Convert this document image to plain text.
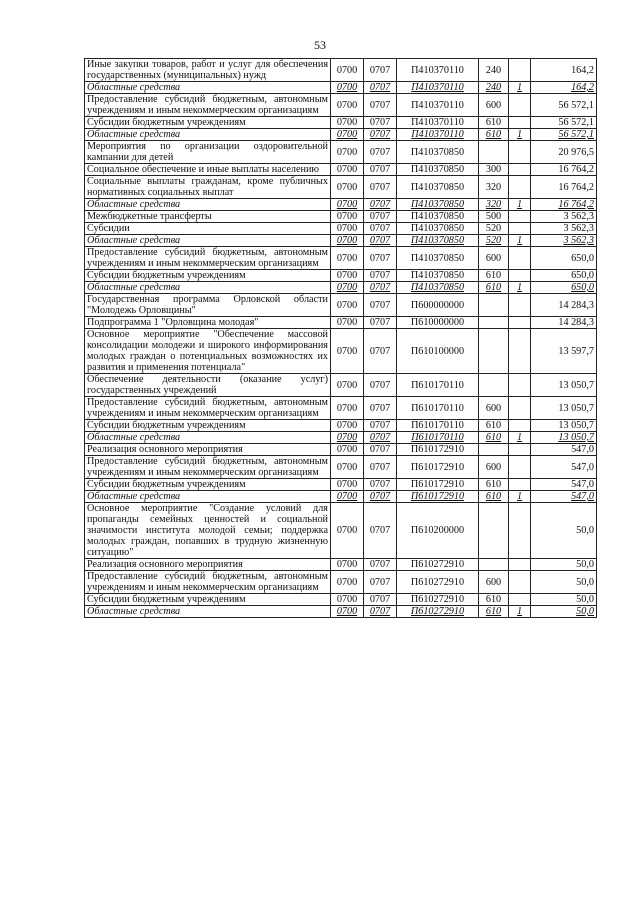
53
Иные закупки товаров, работ и услуг для обеспечения государственных (муниципальных) нужд	0700	0707	П410370110	240		164,2
Областные средства	0700	0707	П410370110	240	1	164,2
Предоставление субсидий бюджетным, автономным учреждениям и иным некоммерческим организациям	0700	0707	П410370110	600		56 572,1
Субсидии бюджетным учреждениям	0700	0707	П410370110	610		56 572,1
Областные средства	0700	0707	П410370110	610	1	56 572,1
Мероприятия по организации оздоровительной кампании для детей	0700	0707	П410370850			20 976,5
Социальное обеспечение и иные выплаты населению	0700	0707	П410370850	300		16 764,2
Социальные выплаты гражданам, кроме публичных нормативных социальных выплат	0700	0707	П410370850	320		16 764,2
Областные средства	0700	0707	П410370850	320	1	16 764,2
Межбюджетные трансферты	0700	0707	П410370850	500		3 562,3
Субсидии	0700	0707	П410370850	520		3 562,3
Областные средства	0700	0707	П410370850	520	1	3 562,3
Предоставление субсидий бюджетным, автономным учреждениям и иным некоммерческим организациям	0700	0707	П410370850	600		650,0
Субсидии бюджетным учреждениям	0700	0707	П410370850	610		650,0
Областные средства	0700	0707	П410370850	610	1	650,0
Государственная программа Орловской области "Молодежь Орловщины"	0700	0707	П600000000			14 284,3
Подпрограмма 1 "Орловщина молодая"	0700	0707	П610000000			14 284,3
Основное мероприятие "Обеспечение массовой консолидации молодежи и широкого информирования молодых граждан о потенциальных возможностях их развития и применения потенциала"	0700	0707	П610100000			13 597,7
Обеспечение деятельности (оказание услуг) государственных учреждений	0700	0707	П610170110			13 050,7
Предоставление субсидий бюджетным, автономным учреждениям и иным некоммерческим организациям	0700	0707	П610170110	600		13 050,7
Субсидии бюджетным учреждениям	0700	0707	П610170110	610		13 050,7
Областные средства	0700	0707	П610170110	610	1	13 050,7
Реализация основного мероприятия	0700	0707	П610172910			547,0
Предоставление субсидий бюджетным, автономным учреждениям и иным некоммерческим организациям	0700	0707	П610172910	600		547,0
Субсидии бюджетным учреждениям	0700	0707	П610172910	610		547,0
Областные средства	0700	0707	П610172910	610	1	547,0
Основное мероприятие "Создание условий для пропаганды семейных ценностей и социальной значимости института молодой семьи; поддержка молодых граждан, попавших в трудную жизненную ситуацию"	0700	0707	П610200000			50,0
Реализация основного мероприятия	0700	0707	П610272910			50,0
Предоставление субсидий бюджетным, автономным учреждениям и иным некоммерческим организациям	0700	0707	П610272910	600		50,0
Субсидии бюджетным учреждениям	0700	0707	П610272910	610		50,0
Областные средства	0700	0707	П610272910	610	1	50,0
